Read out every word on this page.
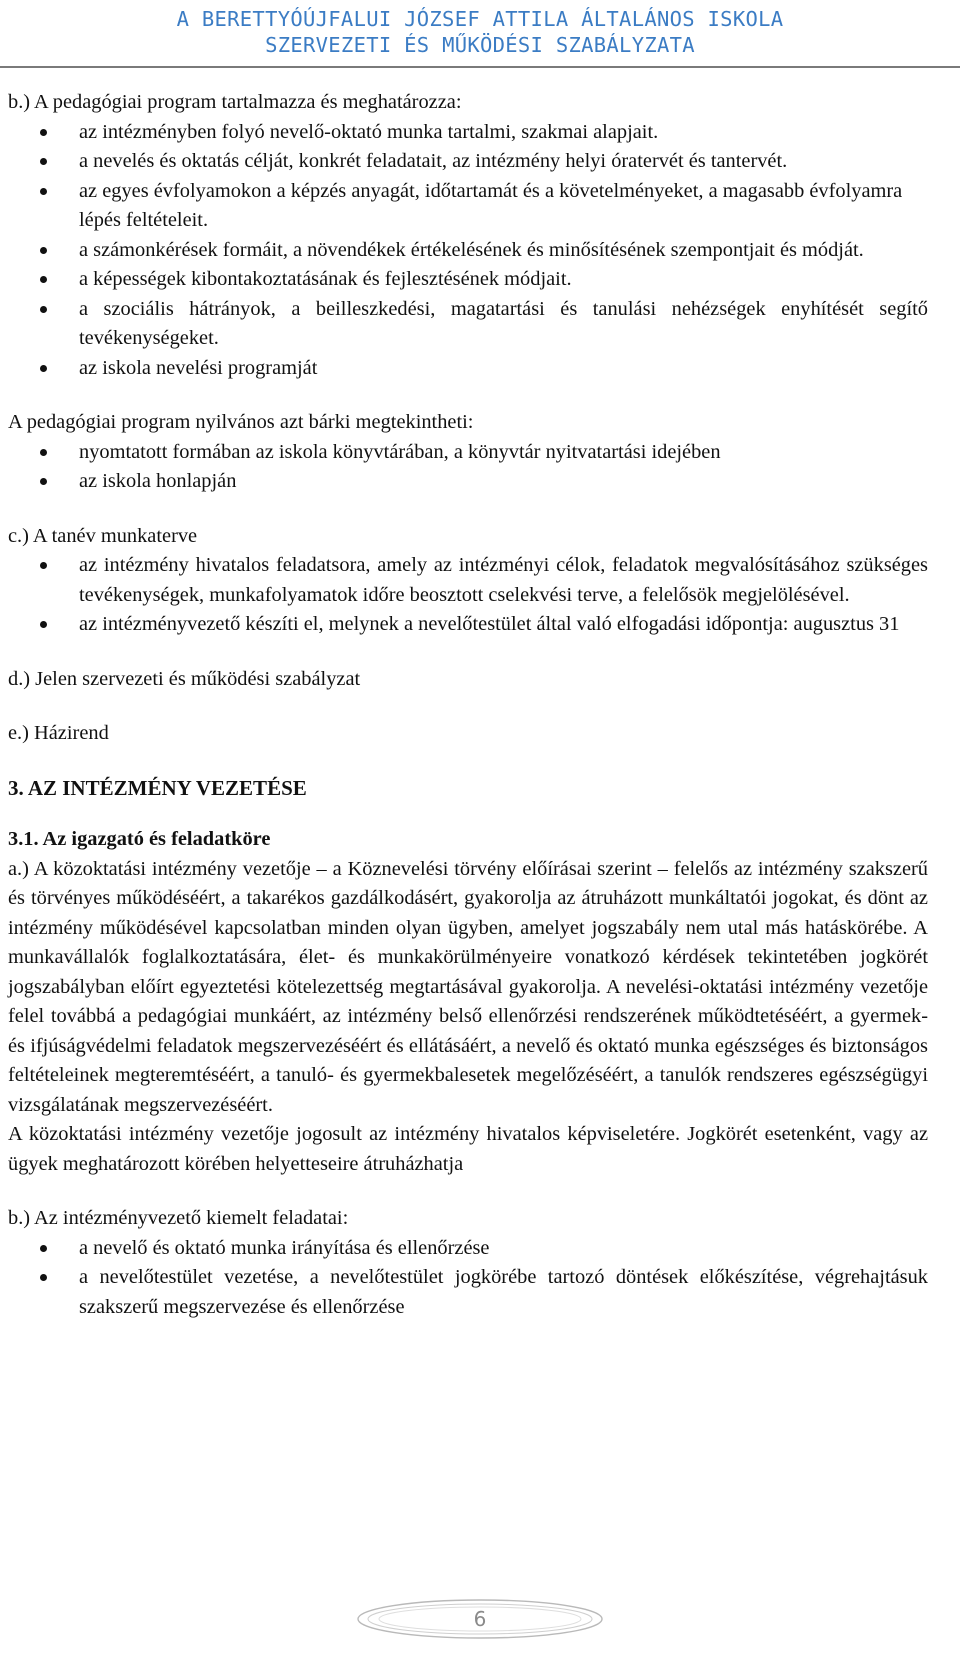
A BERETTYÓÚJFALUI JÓZSEF ATTILA ÁLTALÁNOS ISKOLA
SZERVEZETI ÉS MŰKÖDÉSI SZABÁLYZATA

b.) A pedagógiai program tartalmazza és meghatározza:

az intézményben folyó nevelő-oktató munka tartalmi, szakmai alapjait.
a nevelés és oktatás célját, konkrét feladatait, az intézmény helyi óratervét és tantervét.
az egyes évfolyamokon a képzés anyagát, időtartamát és a követelményeket, a magasabb évfolyamra lépés feltételeit.
a számonkérések formáit, a növendékek értékelésének és minősítésének szempontjait és módját.
a képességek kibontakoztatásának és fejlesztésének módjait.
a szociális hátrányok, a beilleszkedési, magatartási és tanulási nehézségek enyhítését segítő tevékenységeket.
az iskola nevelési programját

A pedagógiai program nyilvános azt bárki megtekintheti:

nyomtatott formában az iskola könyvtárában, a könyvtár nyitvatartási idejében
az iskola honlapján

c.) A tanév munkaterve

az intézmény hivatalos feladatsora, amely az intézményi célok, feladatok megvalósításához szükséges tevékenységek, munkafolyamatok időre beosztott cselekvési terve, a felelősök megjelölésével.
az intézményvezető készíti el, melynek a nevelőtestület által való elfogadási időpontja: augusztus 31

d.) Jelen szervezeti és működési szabályzat

e.) Házirend

3. AZ INTÉZMÉNY VEZETÉSE

3.1. Az igazgató és feladatköre

a.) A közoktatási intézmény vezetője – a Köznevelési törvény előírásai szerint – felelős az intézmény szakszerű és törvényes működéséért, a takarékos gazdálkodásért, gyakorolja az átruházott munkáltatói jogokat, és dönt az intézmény működésével kapcsolatban minden olyan ügyben, amelyet jogszabály nem utal más hatáskörébe. A munkavállalók foglalkoztatására, élet- és munkakörülményeire vonatkozó kérdések tekintetében jogkörét jogszabályban előírt egyeztetési kötelezettség megtartásával gyakorolja. A nevelési-oktatási intézmény vezetője felel továbbá a pedagógiai munkáért, az intézmény belső ellenőrzési rendszerének működtetéséért, a gyermek- és ifjúságvédelmi feladatok megszervezéséért és ellátásáért, a nevelő és oktató munka egészséges és biztonságos feltételeinek megteremtéséért, a tanuló- és gyermekbalesetek megelőzéséért, a tanulók rendszeres egészségügyi vizsgálatának megszervezéséért.

A közoktatási intézmény vezetője jogosult az intézmény hivatalos képviseletére. Jogkörét esetenként, vagy az ügyek meghatározott körében helyetteseire átruházhatja

b.) Az intézményvezető kiemelt feladatai:

a nevelő és oktató munka irányítása és ellenőrzése
a nevelőtestület vezetése, a nevelőtestület jogkörébe tartozó döntések előkészítése, végrehajtásuk szakszerű megszervezése és ellenőrzése
6
